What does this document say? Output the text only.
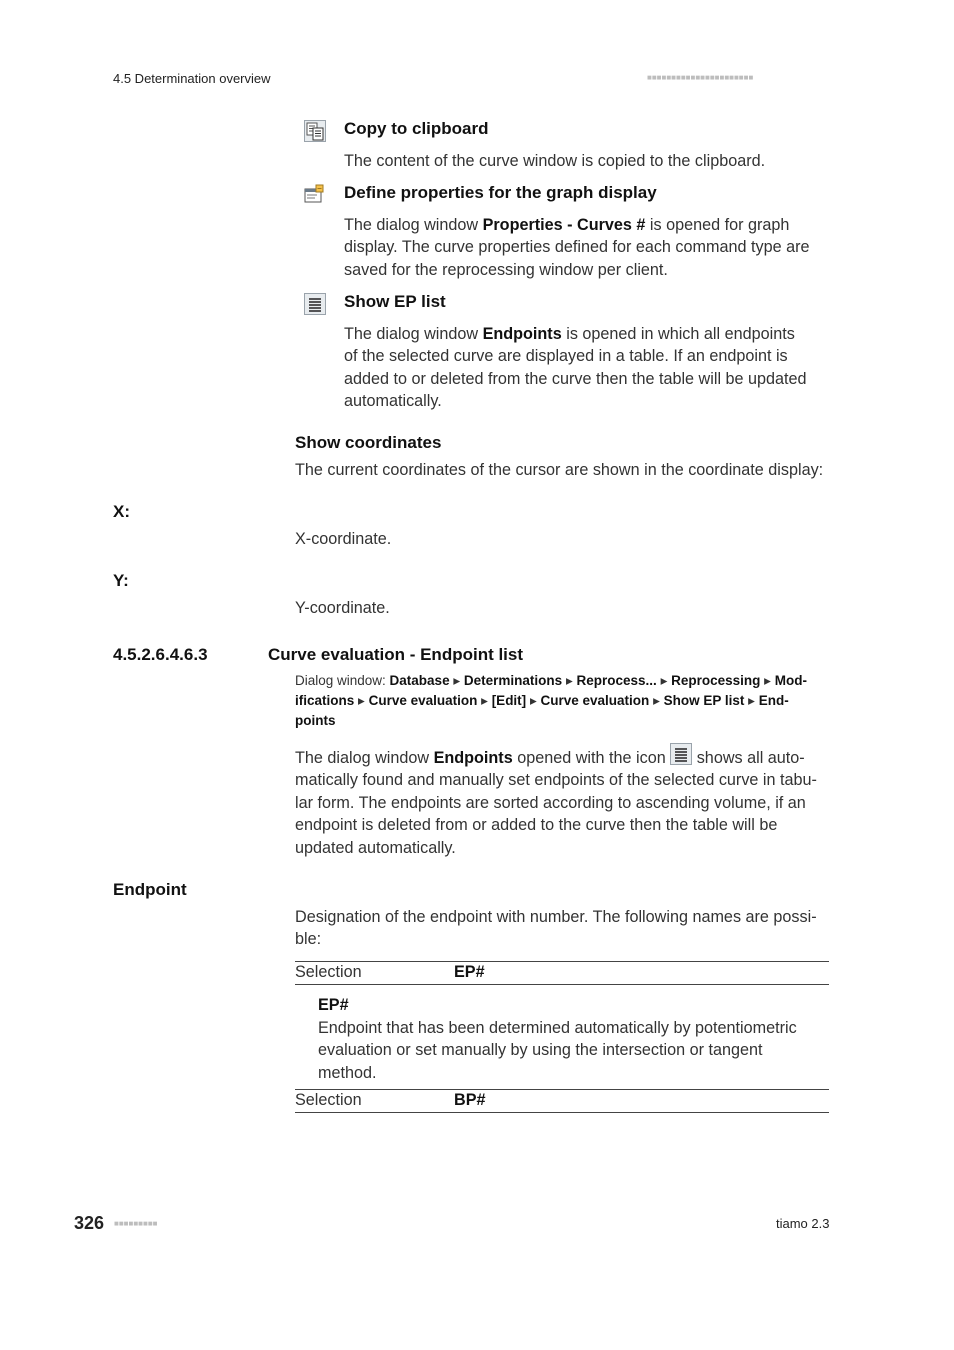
4.5 Determination overview	■■■■■■■■■■■■■■■■■■■■■■
Copy to clipboard
The content of the curve window is copied to the clipboard.
Define properties for the graph display
The dialog window Properties - Curves # is opened for graph
display. The curve properties defined for each command type are
saved for the reprocessing window per client.
Show EP list
The dialog window Endpoints is opened in which all endpoints
of the selected curve are displayed in a table. If an endpoint is
added to or deleted from the curve then the table will be updated
automatically.
Show coordinates
The current coordinates of the cursor are shown in the coordinate display:
X:
X-coordinate.
Y:
Y-coordinate.
4.5.2.6.4.6.3	Curve evaluation - Endpoint list
Dialog window: Database ▸ Determinations ▸ Reprocess... ▸ Reprocessing ▸ Mod-
ifications ▸ Curve evaluation ▸ [Edit] ▸ Curve evaluation ▸ Show EP list ▸ End-
points
The dialog window Endpoints opened with the icon  shows all auto-
matically found and manually set endpoints of the selected curve in tabu-
lar form. The endpoints are sorted according to ascending volume, if an
endpoint is deleted from or added to the curve then the table will be
updated automatically.
Endpoint
Designation of the endpoint with number. The following names are possi-
ble:
Selection	EP#
EP#
Endpoint that has been determined automatically by potentiometric
evaluation or set manually by using the intersection or tangent
method.
Selection	BP#
326 ■■■■■■■■■	tiamo 2.3
